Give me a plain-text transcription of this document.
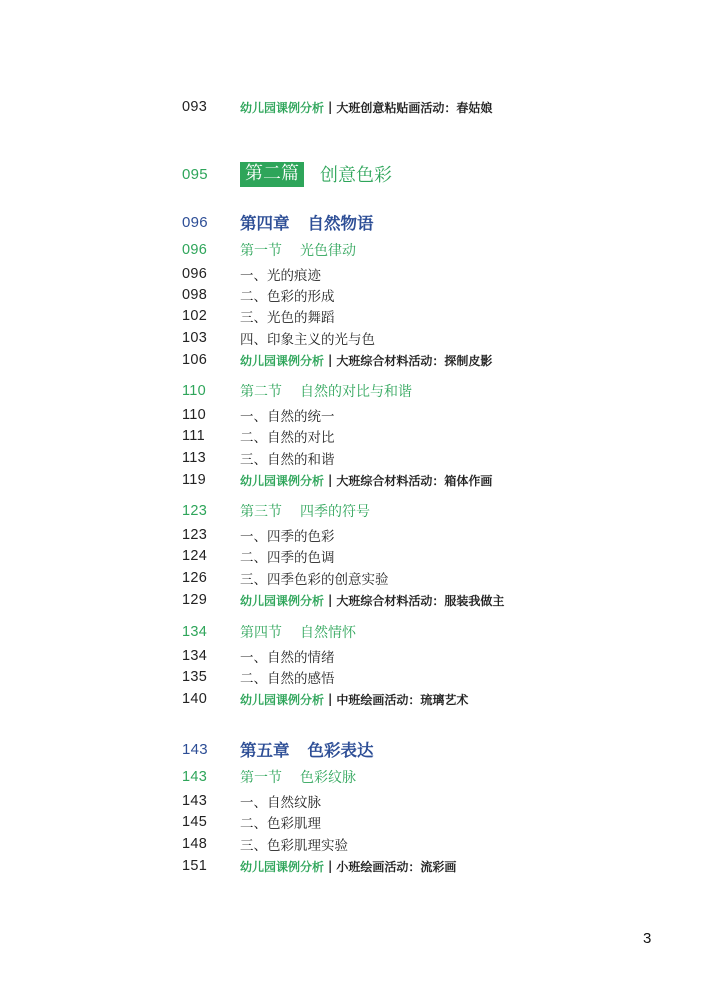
093	幼儿园课例分析 | 大班创意粘贴画活动：春姑娘
095	第二篇 创意色彩
096	第四章 自然物语
096	第一节 光色律动
096	一、光的痕迹
098	二、色彩的形成
102	三、光色的舞蹈
103	四、印象主义的光与色
106	幼儿园课例分析 | 大班综合材料活动：探制皮影
110	第二节 自然的对比与和谐
110	一、自然的统一
111	二、自然的对比
113	三、自然的和谐
119	幼儿园课例分析 | 大班综合材料活动：箱体作画
123	第三节 四季的符号
123	一、四季的色彩
124	二、四季的色调
126	三、四季色彩的创意实验
129	幼儿园课例分析 | 大班综合材料活动：服装我做主
134	第四节 自然情怀
134	一、自然的情绪
135	二、自然的感悟
140	幼儿园课例分析 | 中班绘画活动：琉璃艺术
143	第五章 色彩表达
143	第一节 色彩纹脉
143	一、自然纹脉
145	二、色彩肌理
148	三、色彩肌理实验
151	幼儿园课例分析 | 小班绘画活动：流彩画
3
